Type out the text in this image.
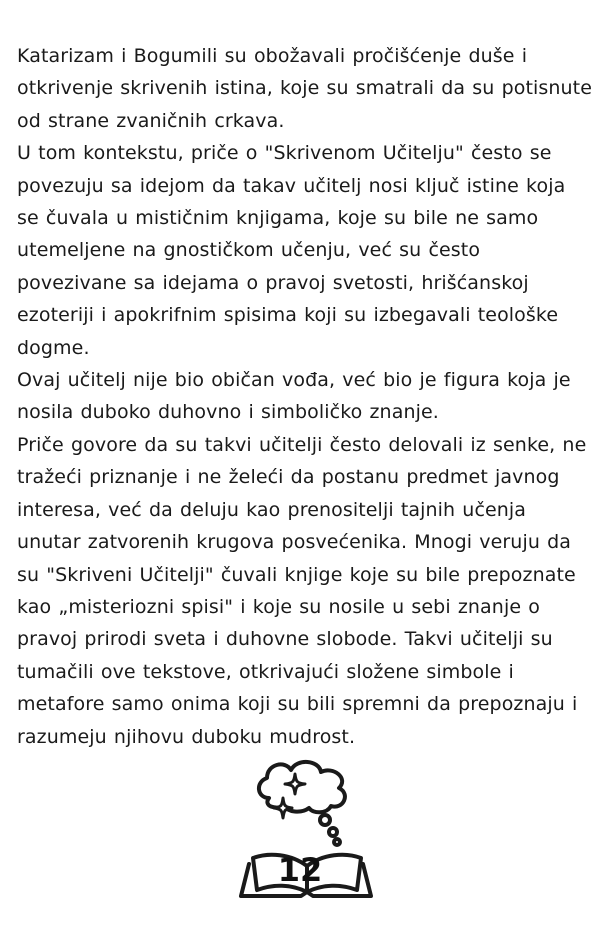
Katarizam i Bogumili su obožavali pročišćenje duše i otkrivenje skrivenih istina, koje su smatrali da su potisnute od strane zvaničnih crkava.

U tom kontekstu, priče o "Skrivenom Učitelju" često se povezuju sa idejom da takav učitelj nosi ključ istine koja se čuvala u mističnim knjigama, koje su bile ne samo utemeljene na gnostičkom učenju, već su često povezivane sa idejama o pravoj svetosti, hrišćanskoj ezoteriji i apokrifnim spisima koji su izbegavali teološke dogme.

Ovaj učitelj nije bio običan vođa, već bio je figura koja je nosila duboko duhovno i simboličko znanje.

Priče govore da su takvi učitelji često delovali iz senke, ne tražeći priznanje i ne želeći da postanu predmet javnog interesa, već da deluju kao prenositelji tajnih učenja unutar zatvorenih krugova posvećenika. Mnogi veruju da su "Skriveni Učitelji" čuvali knjige koje su bile prepoznate kao „misteriozni spisi" i koje su nosile u sebi znanje o pravoj prirodi sveta i duhovne slobode. Takvi učitelji su tumačili ove tekstove, otkrivajući složene simbole i metafore samo onima koji su bili spremni da prepoznaju i razumeju njihovu duboku mudrost.

12
